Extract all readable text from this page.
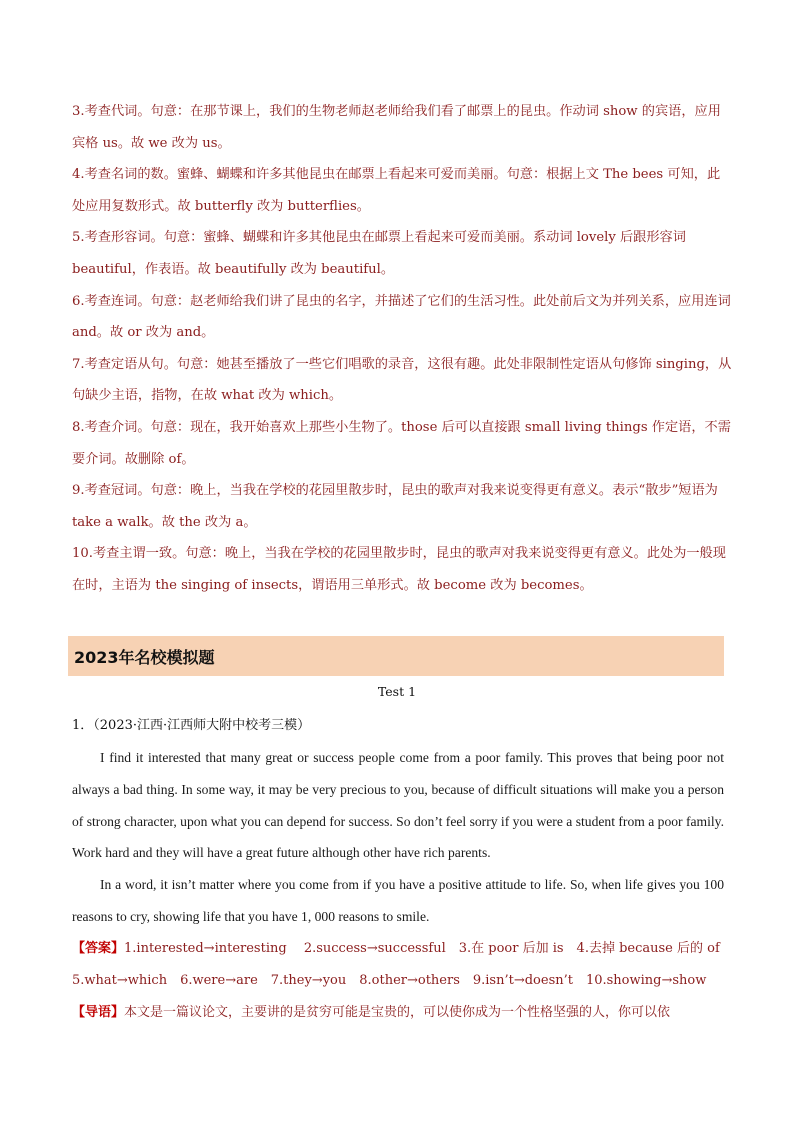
3.考查代词。句意：在那节课上，我们的生物老师赵老师给我们看了邮票上的昆虫。作动词 show 的宾语，应用宾格 us。故 we 改为 us。

4.考查名词的数。蜜蜂、蝴蝶和许多其他昆虫在邮票上看起来可爱而美丽。句意：根据上文 The bees 可知，此处应用复数形式。故 butterfly 改为 butterflies。

5.考查形容词。句意：蜜蜂、蝴蝶和许多其他昆虫在邮票上看起来可爱而美丽。系动词 lovely 后跟形容词 beautiful，作表语。故 beautifully 改为 beautiful。

6.考查连词。句意：赵老师给我们讲了昆虫的名字，并描述了它们的生活习性。此处前后文为并列关系，应用连词and。故 or 改为 and。

7.考查定语从句。句意：她甚至播放了一些它们唱歌的录音，这很有趣。此处非限制性定语从句修饰 singing，从句缺少主语，指物，在故 what 改为 which。

8.考查介词。句意：现在，我开始喜欢上那些小生物了。those 后可以直接跟 small living things 作定语，不需要介词。故删除 of。

9.考查冠词。句意：晚上，当我在学校的花园里散步时，昆虫的歌声对我来说变得更有意义。表示“散步”短语为 take a walk。故 the 改为 a。

10.考查主谓一致。句意：晚上，当我在学校的花园里散步时，昆虫的歌声对我来说变得更有意义。此处为一般现在时，主语为 the singing of insects，谓语用三单形式。故 become 改为 becomes。

2023年名校模拟题
Test 1
1．（2023·江西·江西师大附中校考三模）

I find it interested that many great or success people come from a poor family. This proves that being poor not always a bad thing. In some way, it may be very precious to you, because of difficult situations will make you a person of strong character, upon what you can depend for success. So don’t feel sorry if you were a student from a poor family. Work hard and they will have a great future although other have rich parents.

In a word, it isn’t matter where you come from if you have a positive attitude to life. So, when life gives you 100 reasons to cry, showing life that you have 1, 000 reasons to smile.

【答案】1.interested→interesting　 2.success→successful　3.在 poor 后加 is　4.去掉 because 后的 of

5.what→which　6.were→are　7.they→you　8.other→others　9.isn’t→doesn’t　10.showing→show

【导语】本文是一篇议论文，主要讲的是贫穷可能是宝贵的，可以使你成为一个性格坚强的人，你可以依
